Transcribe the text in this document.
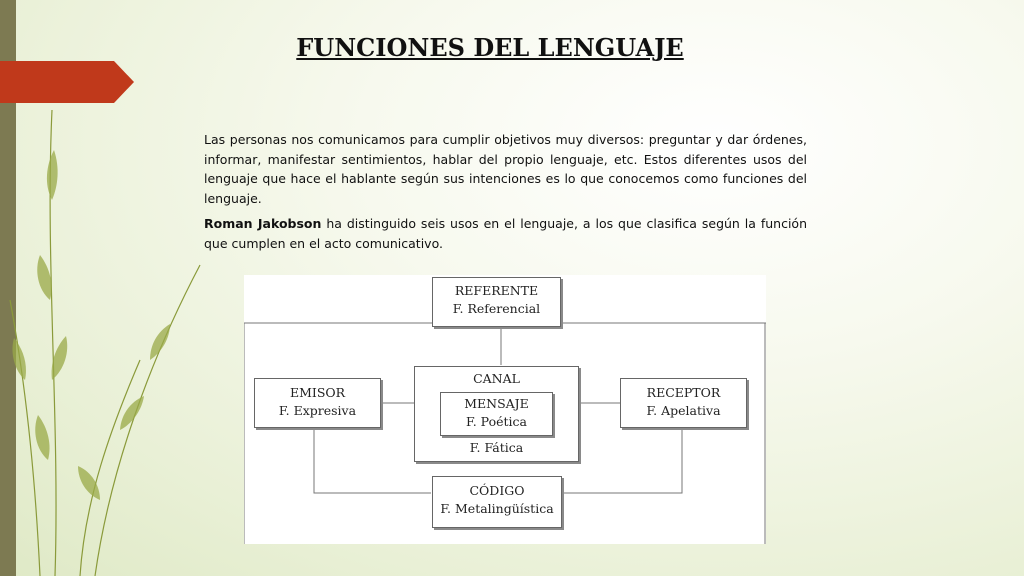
FUNCIONES DEL LENGUAJE

Las personas nos comunicamos para cumplir objetivos muy diversos: preguntar y dar órdenes, informar, manifestar sentimientos, hablar del propio lenguaje, etc. Estos diferentes usos del lenguaje que hace el hablante según sus intenciones es lo que conocemos como funciones del lenguaje.

Roman Jakobson ha distinguido seis usos en el lenguaje, a los que clasifica según la función que cumplen en el acto comunicativo.

REFERENTE
F. Referencial
EMISOR
F. Expresiva
CANAL
F. Fática
MENSAJE
F. Poética
RECEPTOR
F. Apelativa
CÓDIGO
F. Metalingüística
